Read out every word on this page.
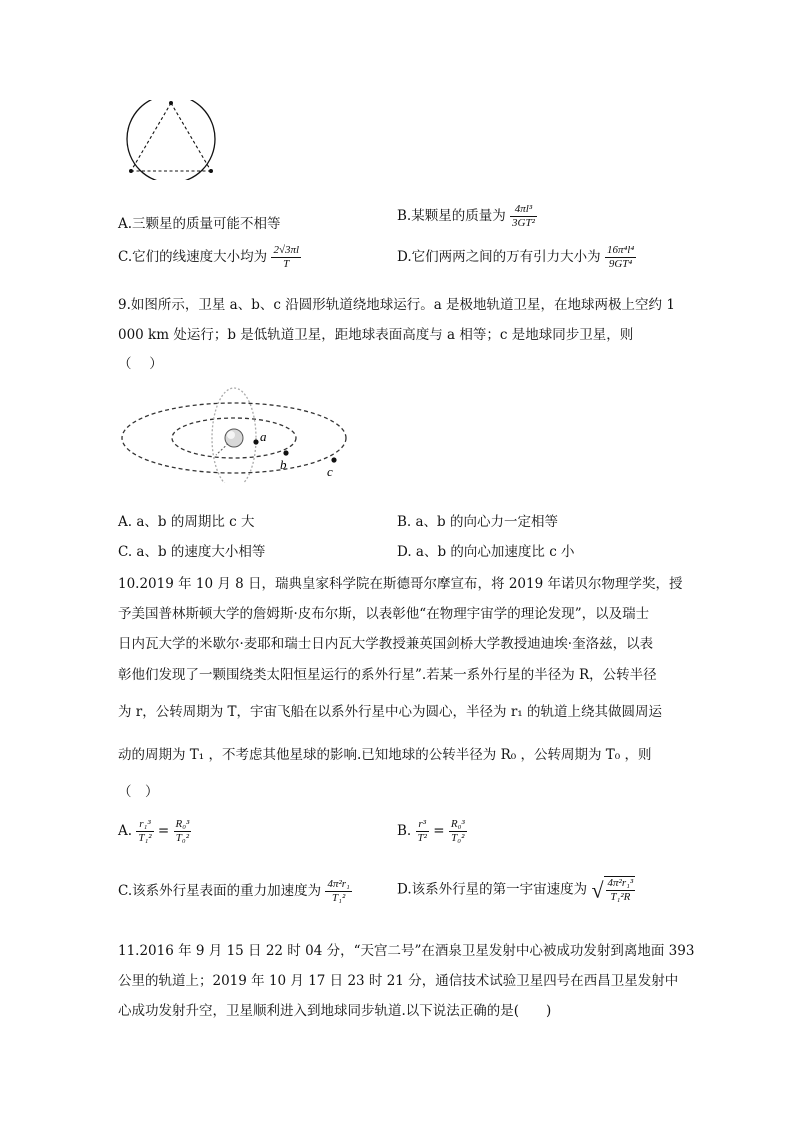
A.三颗星的质量可能不相等	B.某颗星的质量为 $\frac{\text{4πl³}}{\text{3GT²}}$
C.它们的线速度大小均为 $\frac{2√3\pi l}{T}$	D.它们两两之间的万有引力大小为 $\frac{\text{16π⁴l⁴}}{\text{9GT⁴}}$
9.如图所示，卫星 a、b、c 沿圆形轨道绕地球运行。a 是极地轨道卫星，在地球两极上空约 1
000 km 处运行；b 是低轨道卫星，距地球表面高度与 a 相等；c 是地球同步卫星，则
（　 ）
a
b	c
A. a、b 的周期比 c 大	B. a、b 的向心力一定相等
C. a、b 的速度大小相等	D. a、b 的向心加速度比 c 小
10.2019 年 10 月 8 日，瑞典皇家科学院在斯德哥尔摩宣布，将 2019 年诺贝尔物理学奖，授
予美国普林斯顿大学的詹姆斯·皮布尔斯，以表彰他“在物理宇宙学的理论发现”，以及瑞士
日内瓦大学的米歇尔·麦耶和瑞士日内瓦大学教授兼英国剑桥大学教授迪迪埃·奎洛兹，以表
彰他们发现了一颗围绕类太阳恒星运行的系外行星”.若某一系外行星的半径为 R，公转半径
为 r，公转周期为 T，宇宙飞船在以系外行星中心为圆心，半径为 r₁ 的轨道上绕其做圆周运
动的周期为 T₁ ，不考虑其他星球的影响.已知地球的公转半径为 R₀ ，公转周期为 T₀ ，则
（　）
A. $\frac{\text{r₁³}}{\text{T₁²}} = \frac{\text{R₀³}}{\text{T₀²}}$	B. $\frac{\text{r³}}{\text{T²}} = \frac{\text{R₀³}}{\text{T₀²}}$
C.该系外行星表面的重力加速度为 $\frac{\text{4π²r₁}}{\text{T₁²}}$	D.该系外行星的第一宇宙速度为 √ $\frac{\text{4π²r₁³}}{\text{T₁²R}}$
11.2016 年 9 月 15 日 22 时 04 分，“天宫二号”在酒泉卫星发射中心被成功发射到离地面 393
公里的轨道上；2019 年 10 月 17 日 23 时 21 分，通信技术试验卫星四号在西昌卫星发射中
心成功发射升空，卫星顺利进入到地球同步轨道.以下说法正确的是(　　)
